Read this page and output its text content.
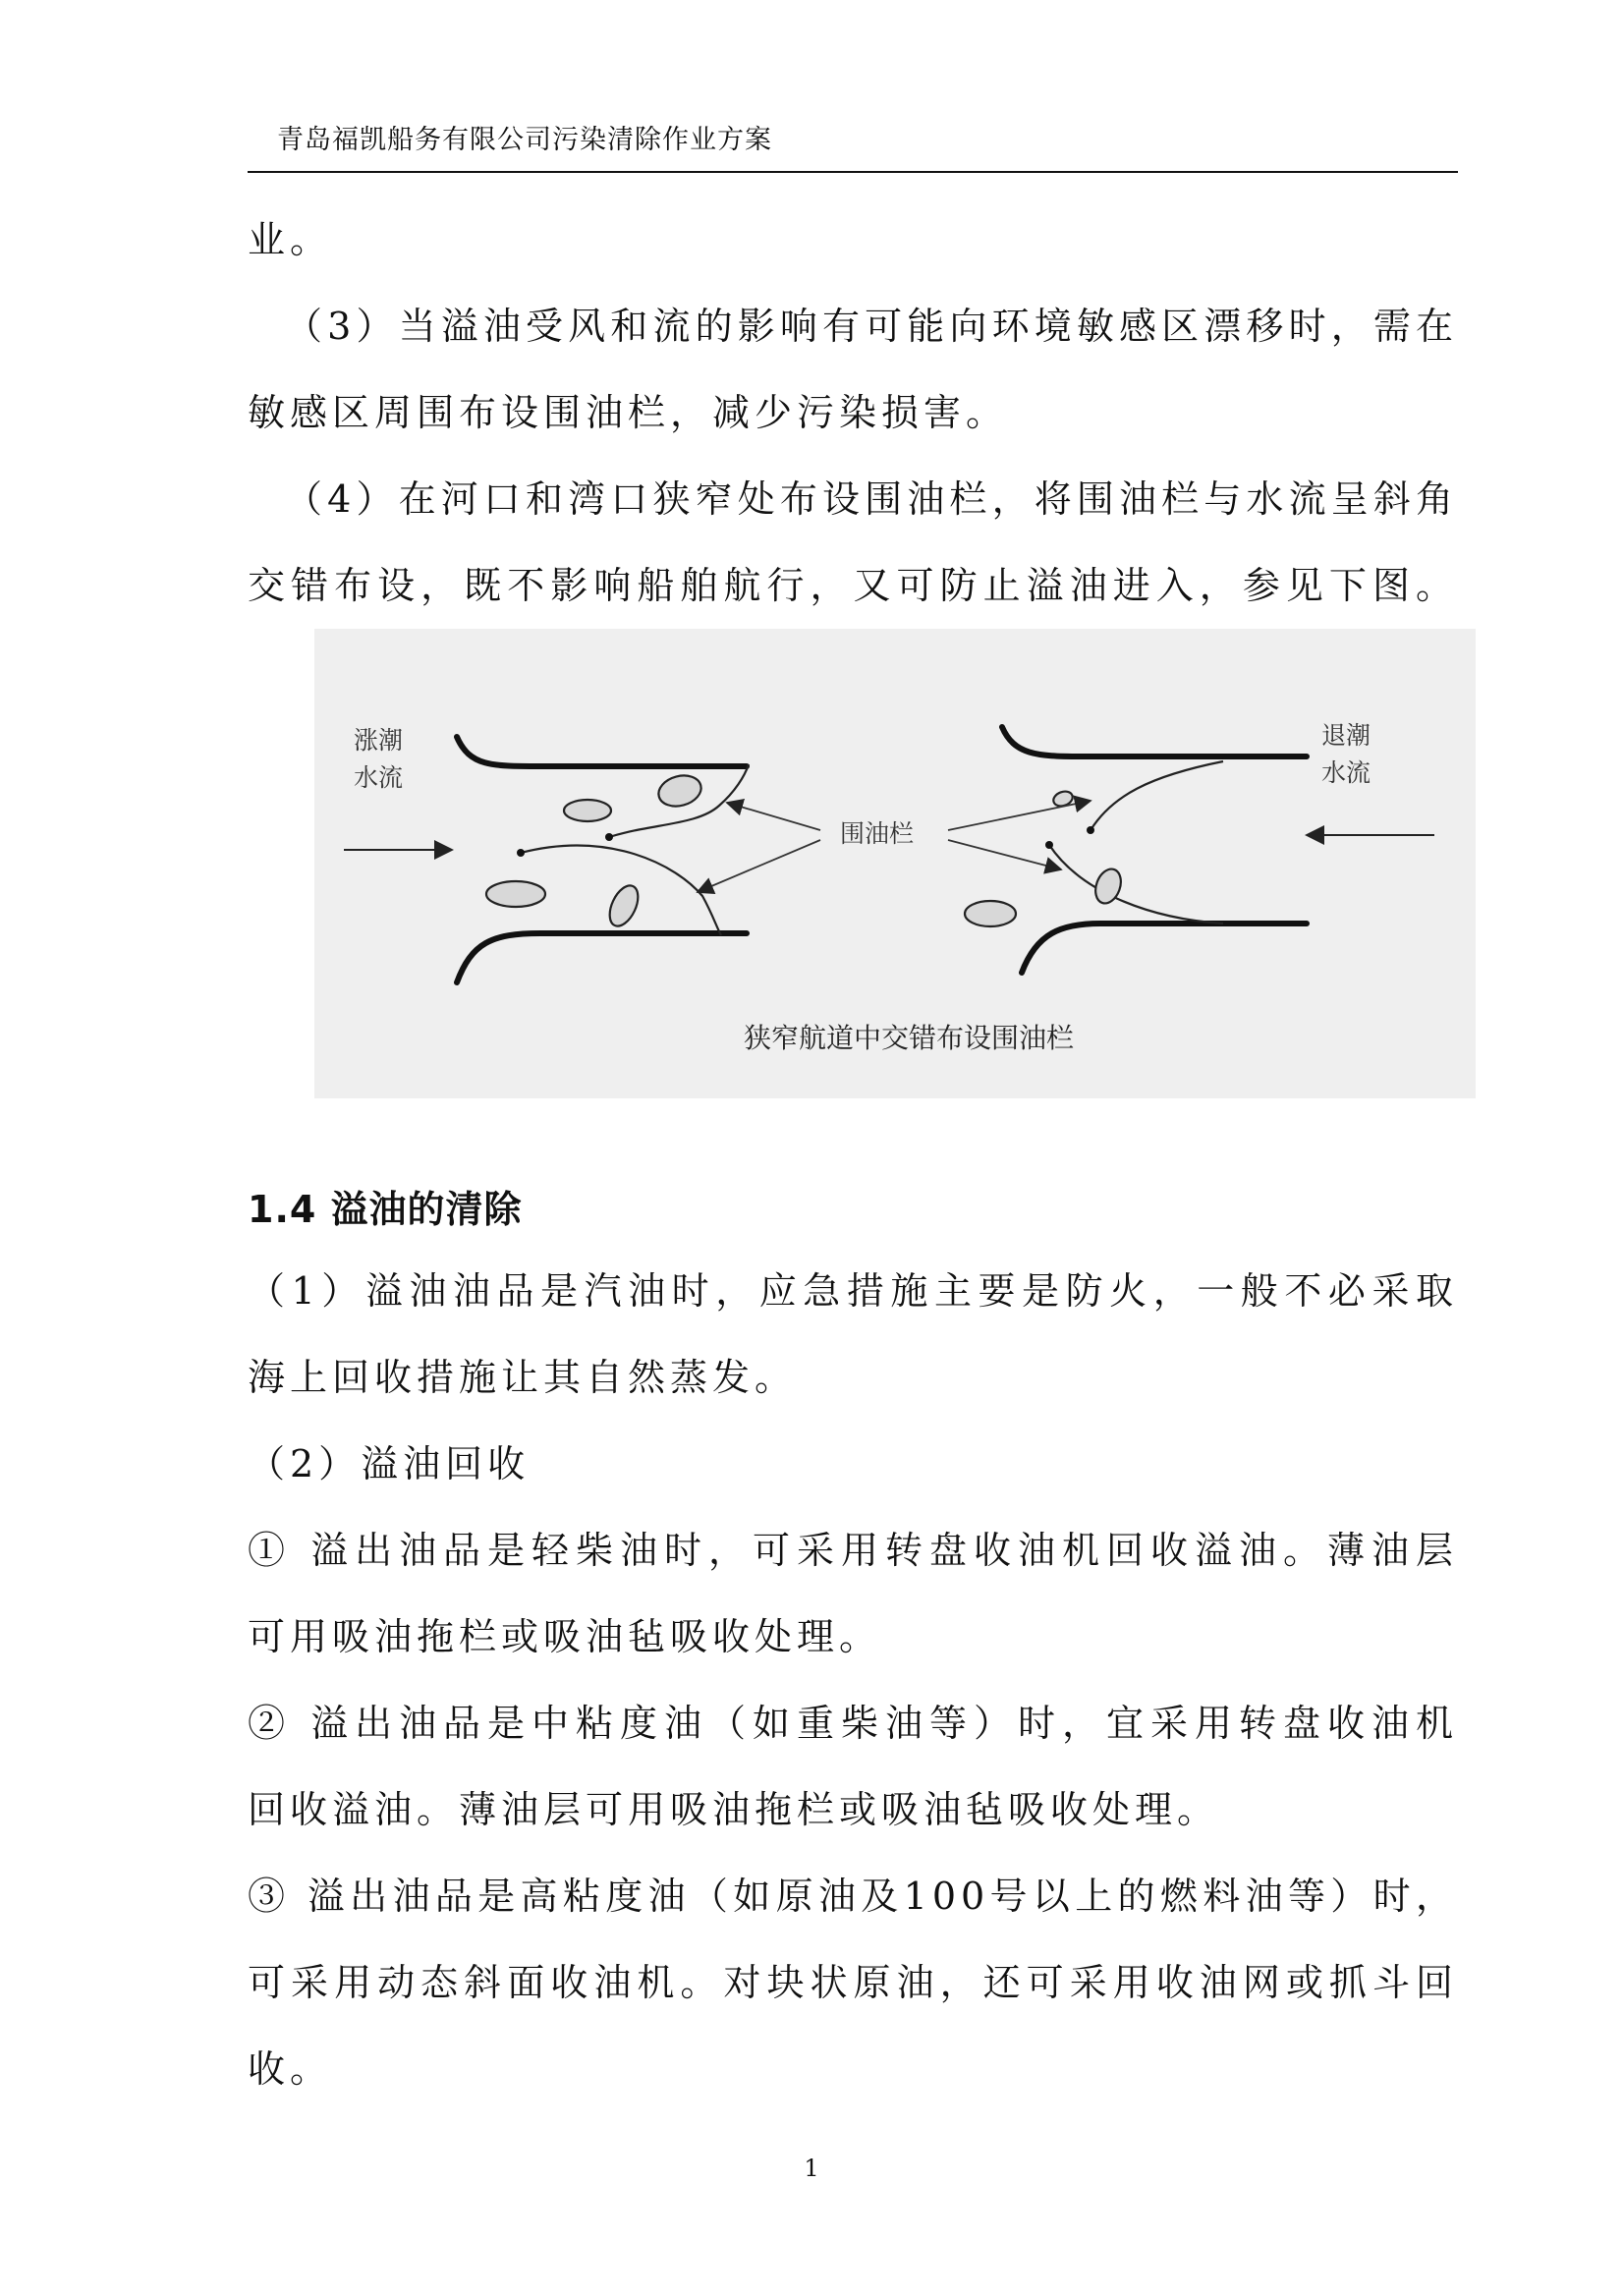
青岛福凯船务有限公司污染清除作业方案

业。

（3）当溢油受风和流的影响有可能向环境敏感区漂移时，需在

敏感区周围布设围油栏，减少污染损害。

（4）在河口和湾口狭窄处布设围油栏，将围油栏与水流呈斜角

交错布设，既不影响船舶航行，又可防止溢油进入，参见下图。

涨潮
水流
退潮
水流
围油栏
狭窄航道中交错布设围油栏
1.4 溢油的清除

（1）溢油油品是汽油时，应急措施主要是防火，一般不必采取

海上回收措施让其自然蒸发。

（2）溢油回收

① 溢出油品是轻柴油时，可采用转盘收油机回收溢油。薄油层

可用吸油拖栏或吸油毡吸收处理。

② 溢出油品是中粘度油（如重柴油等）时，宜采用转盘收油机

回收溢油。薄油层可用吸油拖栏或吸油毡吸收处理。

③ 溢出油品是高粘度油（如原油及100号以上的燃料油等）时，

可采用动态斜面收油机。对块状原油，还可采用收油网或抓斗回

收。

1
